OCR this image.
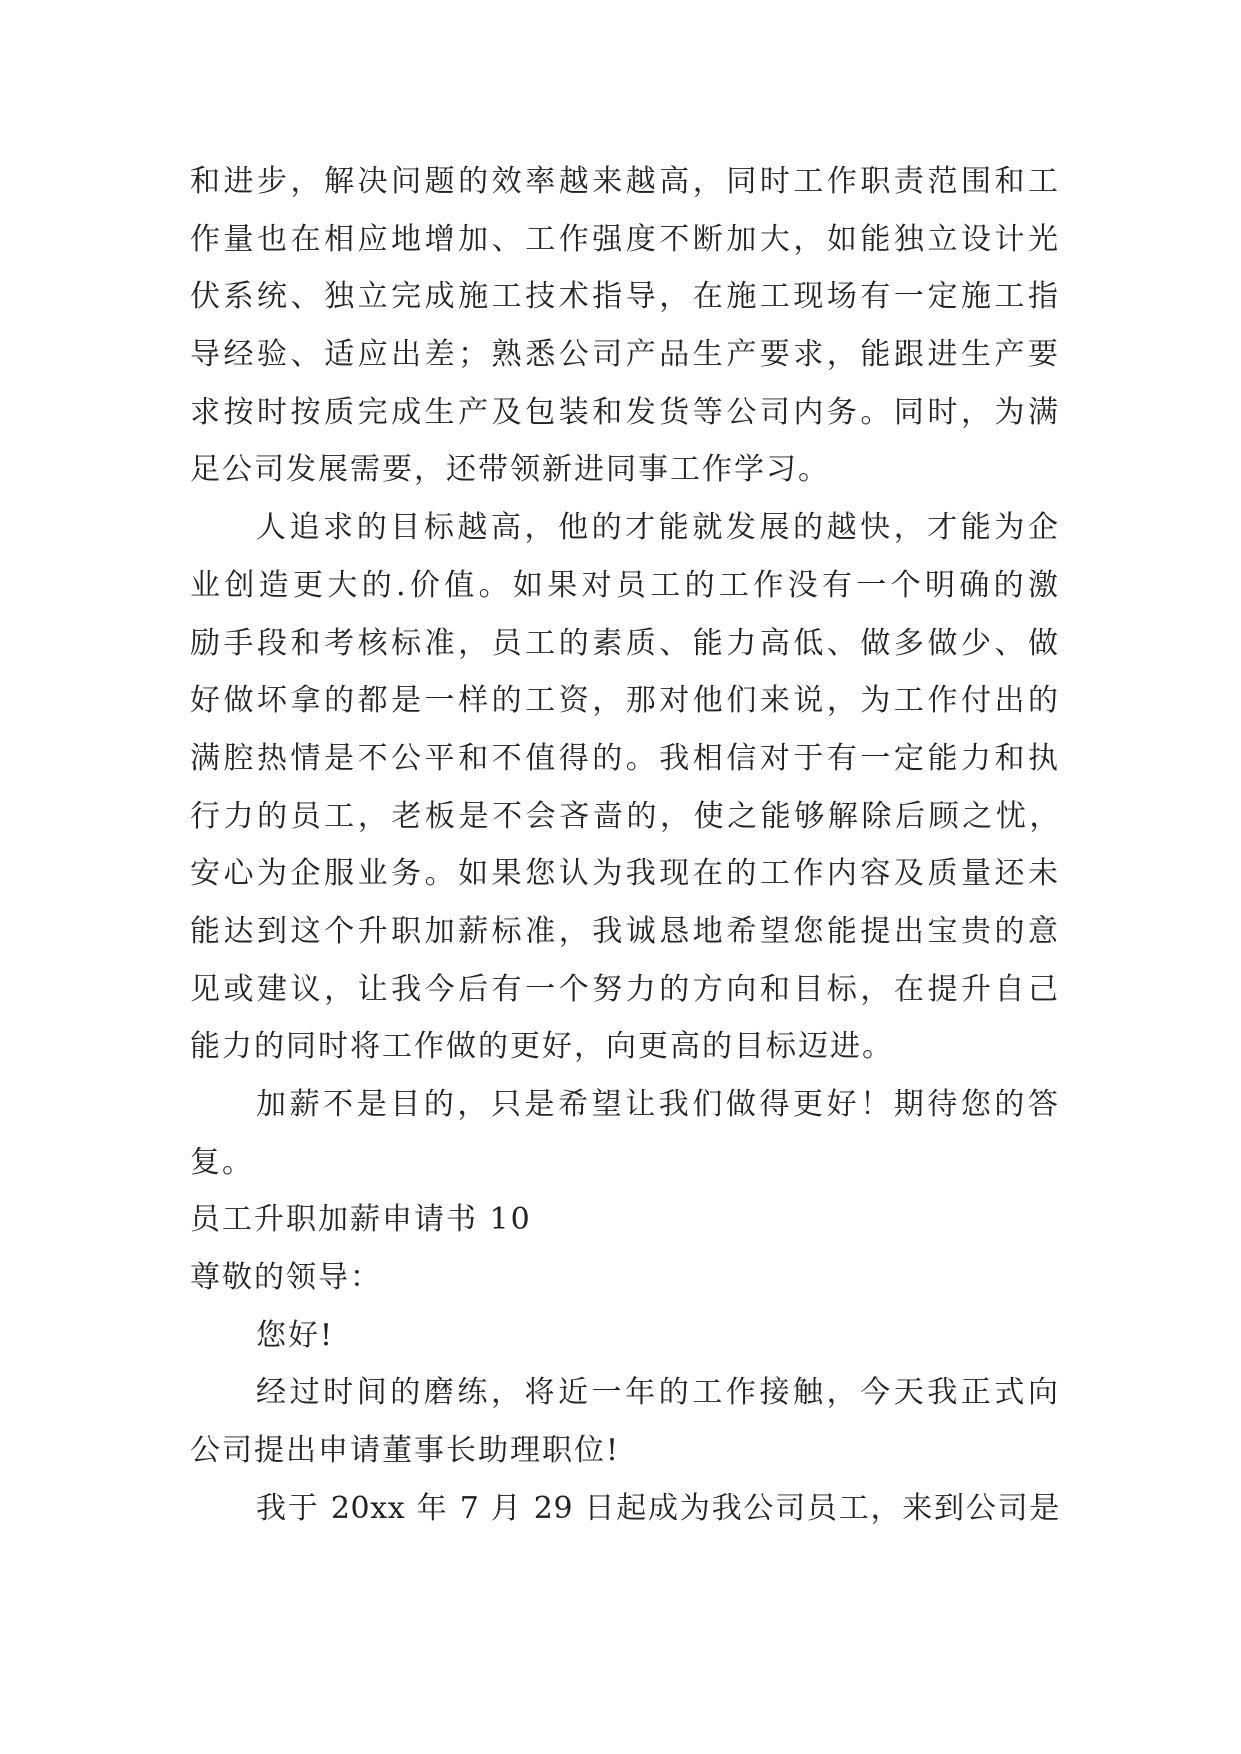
和进步，解决问题的效率越来越高，同时工作职责范围和工
作量也在相应地增加、工作强度不断加大，如能独立设计光
伏系统、独立完成施工技术指导，在施工现场有一定施工指
导经验、适应出差；熟悉公司产品生产要求，能跟进生产要
求按时按质完成生产及包装和发货等公司内务。同时，为满
足公司发展需要，还带领新进同事工作学习。
人追求的目标越高，他的才能就发展的越快，才能为企
业创造更大的.价值。如果对员工的工作没有一个明确的激
励手段和考核标准，员工的素质、能力高低、做多做少、做
好做坏拿的都是一样的工资，那对他们来说，为工作付出的
满腔热情是不公平和不值得的。我相信对于有一定能力和执
行力的员工，老板是不会吝啬的，使之能够解除后顾之忧，
安心为企服业务。如果您认为我现在的工作内容及质量还未
能达到这个升职加薪标准，我诚恳地希望您能提出宝贵的意
见或建议，让我今后有一个努力的方向和目标，在提升自己
能力的同时将工作做的更好，向更高的目标迈进。
加薪不是目的，只是希望让我们做得更好！期待您的答
复。
员工升职加薪申请书 10
尊敬的领导：
您好!
经过时间的磨练，将近一年的工作接触，今天我正式向
公司提出申请董事长助理职位!
我于 20xx 年 7 月 29 日起成为我公司员工，来到公司是
